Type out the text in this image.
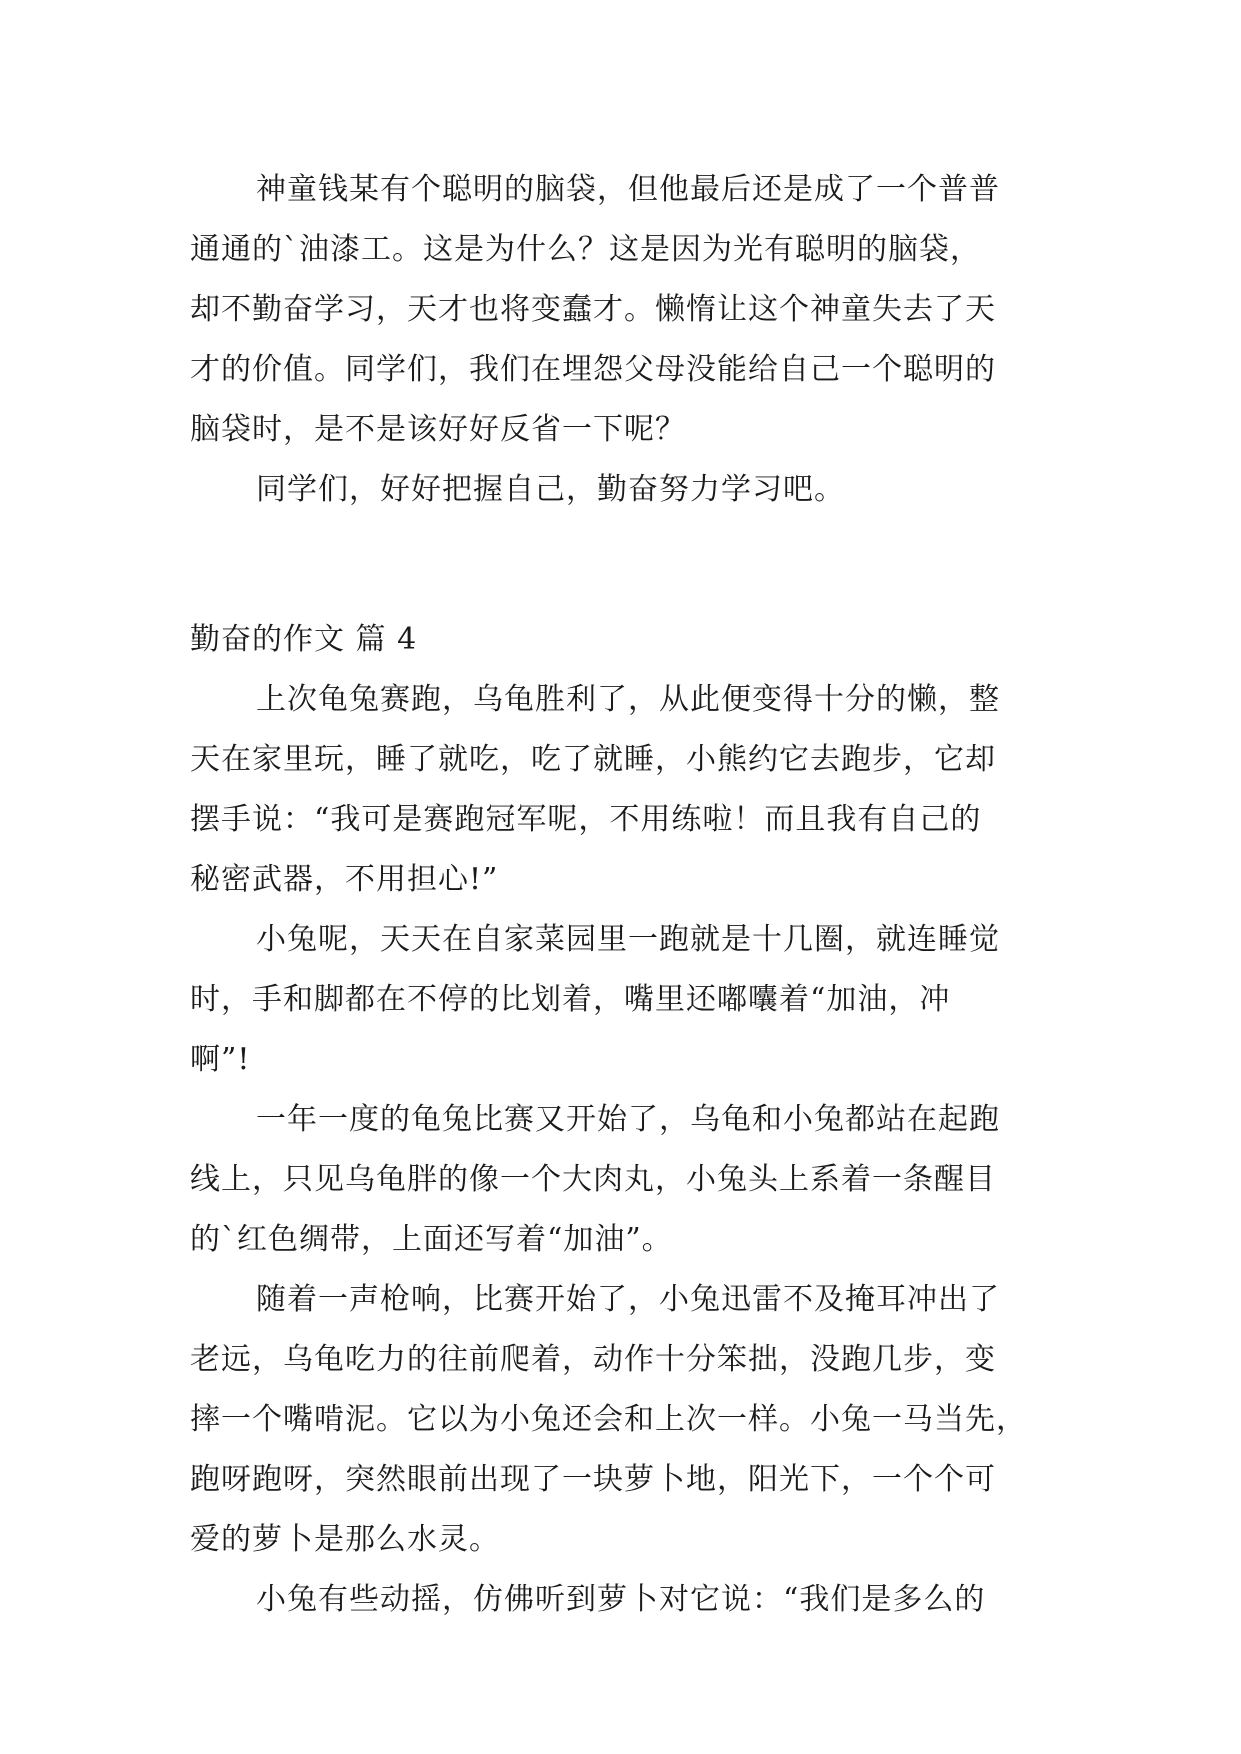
神童钱某有个聪明的脑袋，但他最后还是成了一个普普
通通的`油漆工。这是为什么？这是因为光有聪明的脑袋，
却不勤奋学习，天才也将变蠢才。懒惰让这个神童失去了天
才的价值。同学们，我们在埋怨父母没能给自己一个聪明的
脑袋时，是不是该好好反省一下呢？
同学们，好好把握自己，勤奋努力学习吧。
勤奋的作文 篇 4
上次龟兔赛跑，乌龟胜利了，从此便变得十分的懒，整
天在家里玩，睡了就吃，吃了就睡，小熊约它去跑步，它却
摆手说：“我可是赛跑冠军呢，不用练啦！而且我有自己的
秘密武器，不用担心!”
小兔呢，天天在自家菜园里一跑就是十几圈，就连睡觉
时，手和脚都在不停的比划着，嘴里还嘟囔着“加油，冲
啊”!
一年一度的龟兔比赛又开始了，乌龟和小兔都站在起跑
线上，只见乌龟胖的像一个大肉丸，小兔头上系着一条醒目
的`红色绸带，上面还写着“加油”。
随着一声枪响，比赛开始了，小兔迅雷不及掩耳冲出了
老远，乌龟吃力的往前爬着，动作十分笨拙，没跑几步，变
摔一个嘴啃泥。它以为小兔还会和上次一样。小兔一马当先，
跑呀跑呀，突然眼前出现了一块萝卜地，阳光下，一个个可
爱的萝卜是那么水灵。
小兔有些动摇，仿佛听到萝卜对它说：“我们是多么的
